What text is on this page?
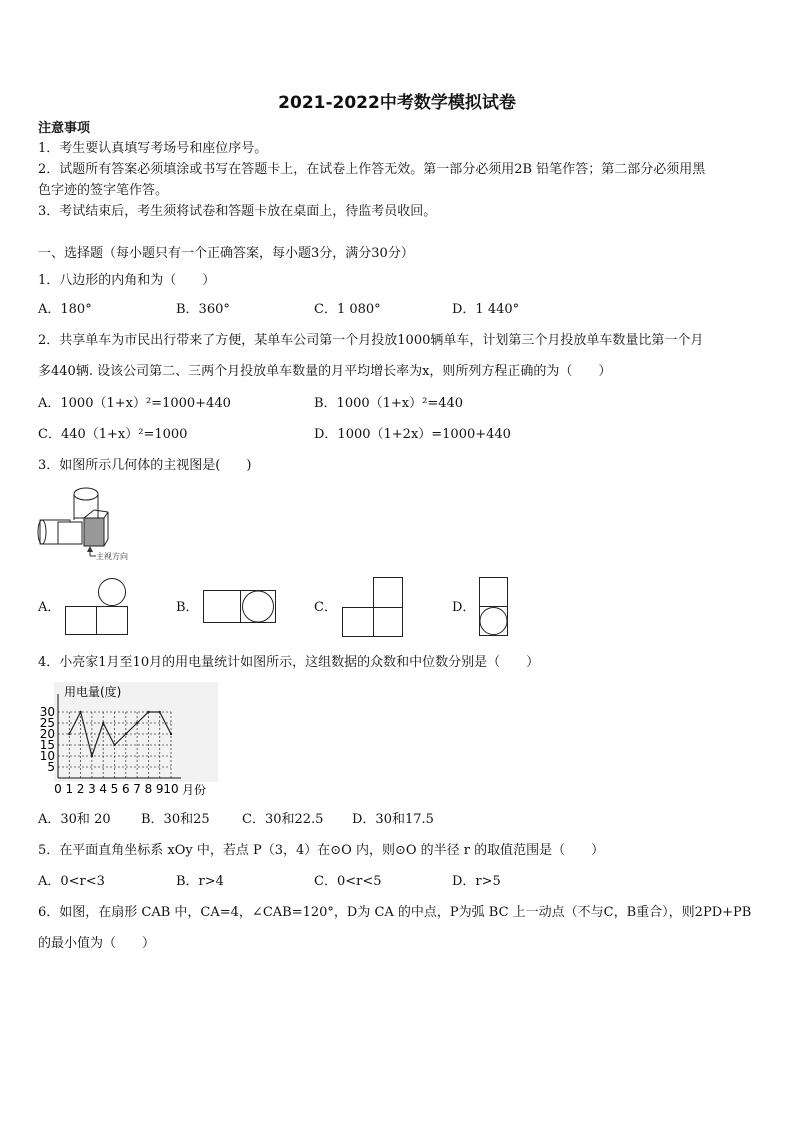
2021-2022中考数学模拟试卷
注意事项
1．考生要认真填写考场号和座位序号。
2．试题所有答案必须填涂或书写在答题卡上，在试卷上作答无效。第一部分必须用2B 铅笔作答；第二部分必须用黑
色字迹的签字笔作答。
3．考试结束后，考生须将试卷和答题卡放在桌面上，待监考员收回。
一、选择题（每小题只有一个正确答案，每小题3分，满分30分）
1．八边形的内角和为（　　）
A．180°	B．360°	C．1 080°	D．1 440°
2．共享单车为市民出行带来了方便，某单车公司第一个月投放1000辆单车，计划第三个月投放单车数量比第一个月
多440辆. 设该公司第二、三两个月投放单车数量的月平均增长率为x，则所列方程正确的为（　　）
A．1000（1+x）²=1000+440	B．1000（1+x）²=440
C．440（1+x）²=1000	D．1000（1+2x）=1000+440
3．如图所示几何体的主视图是(　　)
主视方向
A．	B．	C．	D．
4．小亮家1月至10月的用电量统计如图所示，这组数据的众数和中位数分别是（　　）
30
25
20
15
10
5
0 1 2 3 4 5 6 7 8 9 10
用电量(度)
月份
A．30和 20 B．30和25 C．30和22.5 D．30和17.5
5．在平面直角坐标系 xOy 中，若点 P（3，4）在⊙O 内，则⊙O 的半径 r 的取值范围是（　　）
A．0<r<3	B．r>4	C．0<r<5	D．r>5
6．如图，在扇形 CAB 中，CA=4，∠CAB=120°，D为 CA 的中点，P为弧 BC 上一动点（不与C，B重合），则2PD+PB
的最小值为（　　）
